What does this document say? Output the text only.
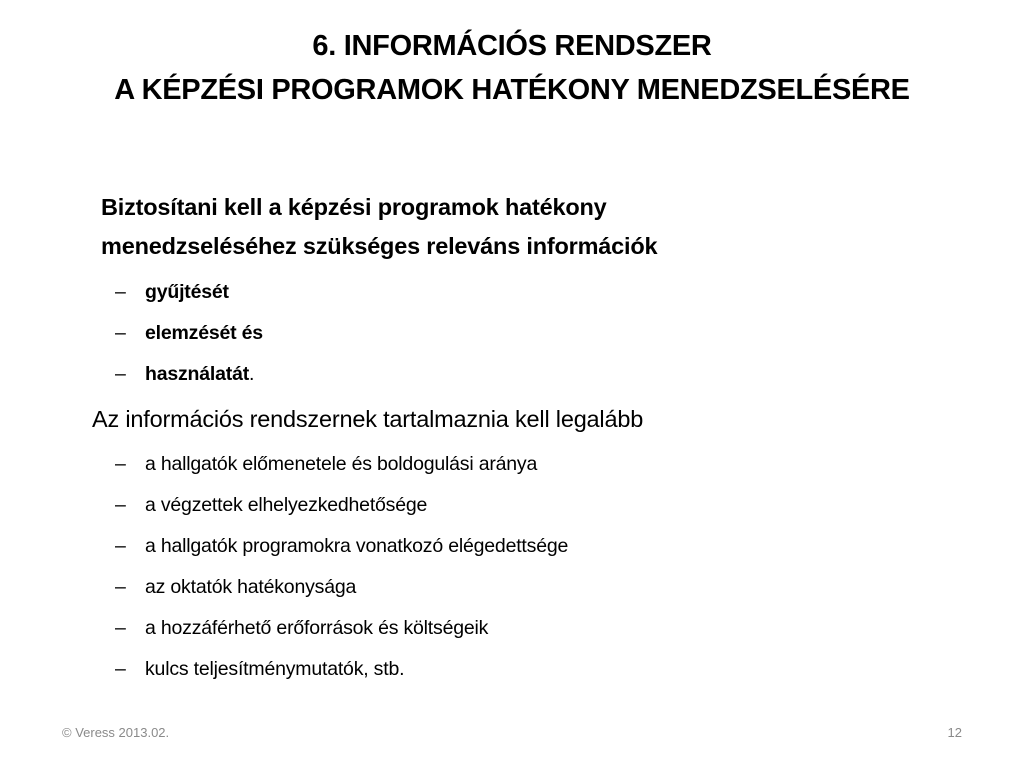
6. INFORMÁCIÓS RENDSZER
A KÉPZÉSI PROGRAMOK HATÉKONY MENEDZSELÉSÉRE
Biztosítani kell a képzési programok hatékony
menedzseléséhez szükséges releváns információk
– gyűjtését
– elemzését és
– használatát.
Az információs rendszernek tartalmaznia kell legalább
– a hallgatók előmenetele és boldogulási aránya
– a végzettek elhelyezkedhetősége
– a hallgatók programokra vonatkozó elégedettsége
– az oktatók hatékonysága
– a hozzáférhető erőforrások és költségeik
– kulcs teljesítménymutatók, stb.
© Veress 2013.02.	12
